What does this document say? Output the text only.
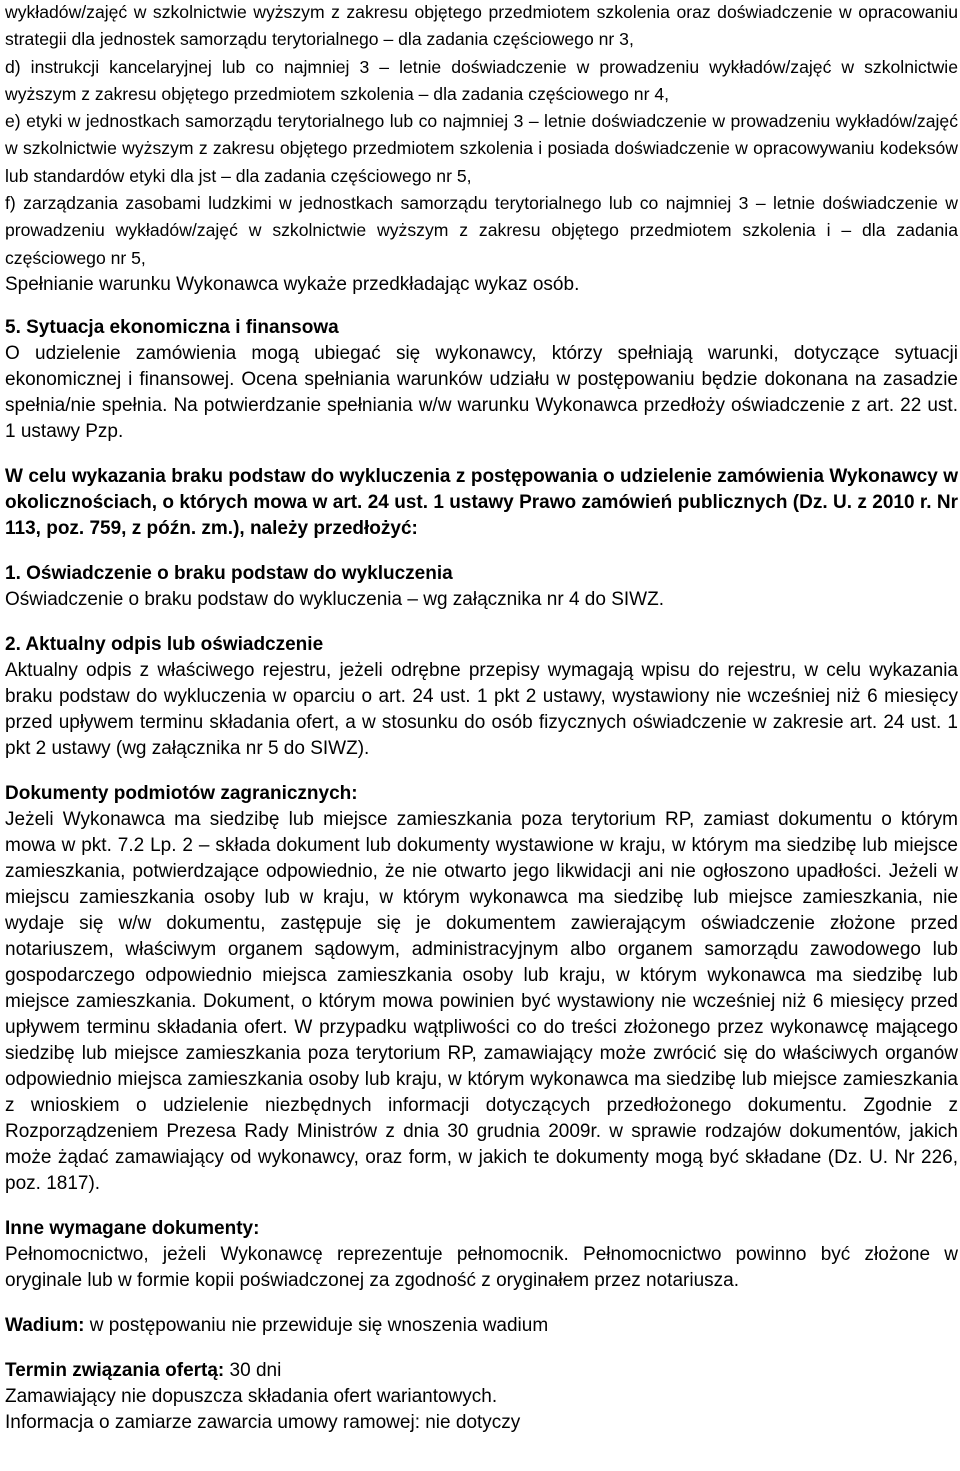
wykładów/zajęć w szkolnictwie wyższym z zakresu objętego przedmiotem szkolenia oraz doświadczenie w opracowaniu strategii dla jednostek samorządu terytorialnego – dla zadania częściowego nr 3,

d) instrukcji kancelaryjnej lub co najmniej 3 – letnie doświadczenie w prowadzeniu wykładów/zajęć w szkolnictwie wyższym z zakresu objętego przedmiotem szkolenia – dla zadania częściowego nr 4,

e) etyki w jednostkach samorządu terytorialnego lub co najmniej 3 – letnie doświadczenie w prowadzeniu wykładów/zajęć w szkolnictwie wyższym z zakresu objętego przedmiotem szkolenia i posiada doświadczenie w opracowywaniu kodeksów lub standardów etyki dla jst – dla zadania częściowego nr 5,

f) zarządzania zasobami ludzkimi w jednostkach samorządu terytorialnego lub co najmniej 3 – letnie doświadczenie w prowadzeniu wykładów/zajęć w szkolnictwie wyższym z zakresu objętego przedmiotem szkolenia i – dla zadania częściowego nr 5,

Spełnianie warunku Wykonawca wykaże przedkładając wykaz osób.

5. Sytuacja ekonomiczna i finansowa

O udzielenie zamówienia mogą ubiegać się wykonawcy, którzy spełniają warunki, dotyczące sytuacji ekonomicznej i finansowej. Ocena spełniania warunków udziału w postępowaniu będzie dokonana na zasadzie spełnia/nie spełnia. Na potwierdzanie spełniania w/w warunku Wykonawca przedłoży oświadczenie z art. 22 ust. 1 ustawy Pzp.

W celu wykazania braku podstaw do wykluczenia z postępowania o udzielenie zamówienia Wykonawcy w okolicznościach, o których mowa w art. 24 ust. 1 ustawy Prawo zamówień publicznych (Dz. U. z 2010 r. Nr 113, poz. 759, z późn. zm.), należy przedłożyć:

1. Oświadczenie o braku podstaw do wykluczenia

Oświadczenie o braku podstaw do wykluczenia – wg załącznika nr 4 do SIWZ.

2. Aktualny odpis lub oświadczenie

Aktualny odpis z właściwego rejestru, jeżeli odrębne przepisy wymagają wpisu do rejestru, w celu wykazania braku podstaw do wykluczenia w oparciu o art. 24 ust. 1 pkt 2 ustawy, wystawiony nie wcześniej niż 6 miesięcy przed upływem terminu składania ofert, a w stosunku do osób fizycznych oświadczenie w zakresie art. 24 ust. 1 pkt 2 ustawy (wg załącznika nr 5 do SIWZ).

Dokumenty podmiotów zagranicznych:

Jeżeli Wykonawca ma siedzibę lub miejsce zamieszkania poza terytorium RP, zamiast dokumentu o którym mowa w pkt. 7.2 Lp. 2 – składa dokument lub dokumenty wystawione w kraju, w którym ma siedzibę lub miejsce zamieszkania, potwierdzające odpowiednio, że nie otwarto jego likwidacji ani nie ogłoszono upadłości. Jeżeli w miejscu zamieszkania osoby lub w kraju, w którym wykonawca ma siedzibę lub miejsce zamieszkania, nie wydaje się w/w dokumentu, zastępuje się je dokumentem zawierającym oświadczenie złożone przed notariuszem, właściwym organem sądowym, administracyjnym albo organem samorządu zawodowego lub gospodarczego odpowiednio miejsca zamieszkania osoby lub kraju, w którym wykonawca ma siedzibę lub miejsce zamieszkania. Dokument, o którym mowa powinien być wystawiony nie wcześniej niż 6 miesięcy przed upływem terminu składania ofert. W przypadku wątpliwości co do treści złożonego przez wykonawcę mającego siedzibę lub miejsce zamieszkania poza terytorium RP, zamawiający może zwrócić się do właściwych organów odpowiednio miejsca zamieszkania osoby lub kraju, w którym wykonawca ma siedzibę lub miejsce zamieszkania z wnioskiem o udzielenie niezbędnych informacji dotyczących przedłożonego dokumentu. Zgodnie z Rozporządzeniem Prezesa Rady Ministrów z dnia 30 grudnia 2009r. w sprawie rodzajów dokumentów, jakich może żądać zamawiający od wykonawcy, oraz form, w jakich te dokumenty mogą być składane (Dz. U. Nr 226, poz. 1817).

Inne wymagane dokumenty:

Pełnomocnictwo, jeżeli Wykonawcę reprezentuje pełnomocnik. Pełnomocnictwo powinno być złożone w oryginale lub w formie kopii poświadczonej za zgodność z oryginałem przez notariusza.

Wadium: w postępowaniu nie przewiduje się wnoszenia wadium

Termin związania ofertą: 30 dni

Zamawiający nie dopuszcza składania ofert wariantowych.

Informacja o zamiarze zawarcia umowy ramowej: nie dotyczy
